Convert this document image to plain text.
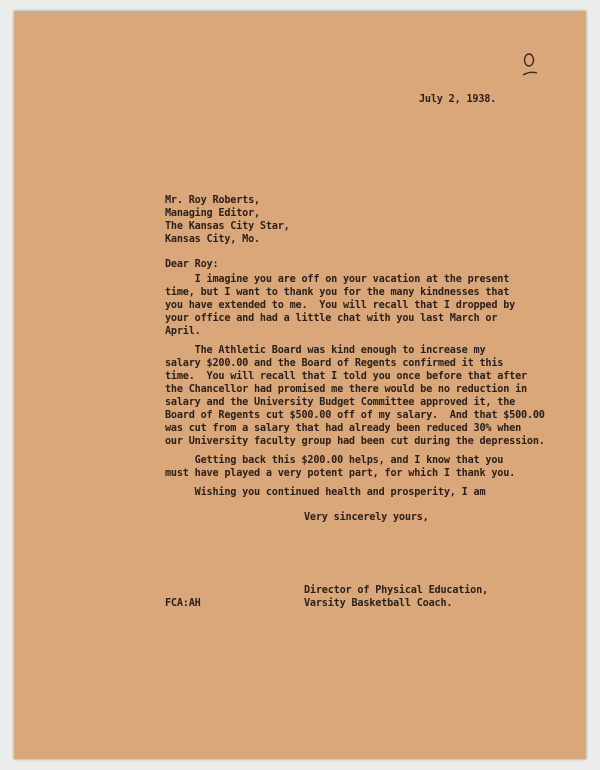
July 2, 1938.
Mr. Roy Roberts,
Managing Editor,
The Kansas City Star,
Kansas City, Mo.
Dear Roy:
I imagine you are off on your vacation at the present
time, but I want to thank you for the many kindnesses that
you have extended to me.  You will recall that I dropped by
your office and had a little chat with you last March or
April.
The Athletic Board was kind enough to increase my
salary $200.00 and the Board of Regents confirmed it this
time.  You will recall that I told you once before that after
the Chancellor had promised me there would be no reduction in
salary and the University Budget Committee approved it, the
Board of Regents cut $500.00 off of my salary.  And that $500.00
was cut from a salary that had already been reduced 30% when
our University faculty group had been cut during the depression.
Getting back this $200.00 helps, and I know that you
must have played a very potent part, for which I thank you.
Wishing you continued health and prosperity, I am
Very sincerely yours,
Director of Physical Education,
Varsity Basketball Coach.
FCA:AH
